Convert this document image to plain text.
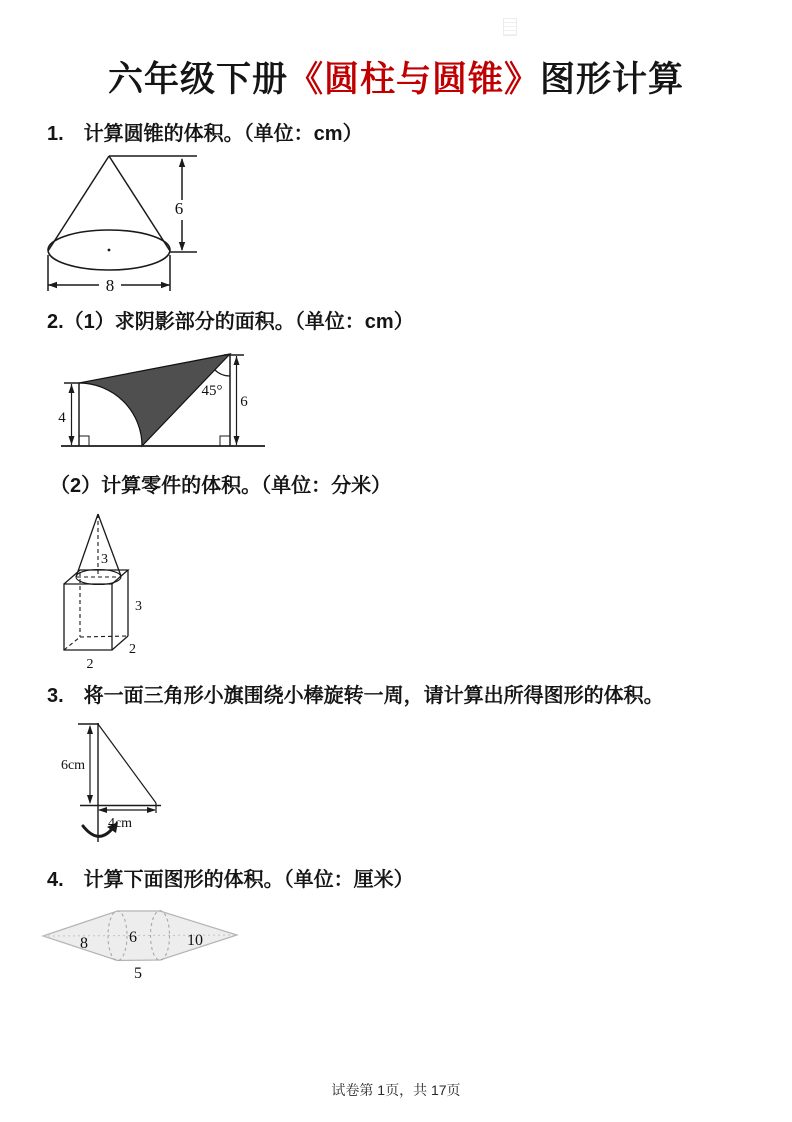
六年级下册《圆柱与圆锥》图形计算
1.　计算圆锥的体积。（单位：cm）
6
8
2.（1）求阴影部分的面积。（单位：cm）
4
6
45°
（2）计算零件的体积。（单位：分米）
3
3
2
2
3.　将一面三角形小旗围绕小棒旋转一周，请计算出所得图形的体积。
6cm
4cm
4.　计算下面图形的体积。（单位：厘米）
8	6	10
5
试卷第 1页，共 17页
